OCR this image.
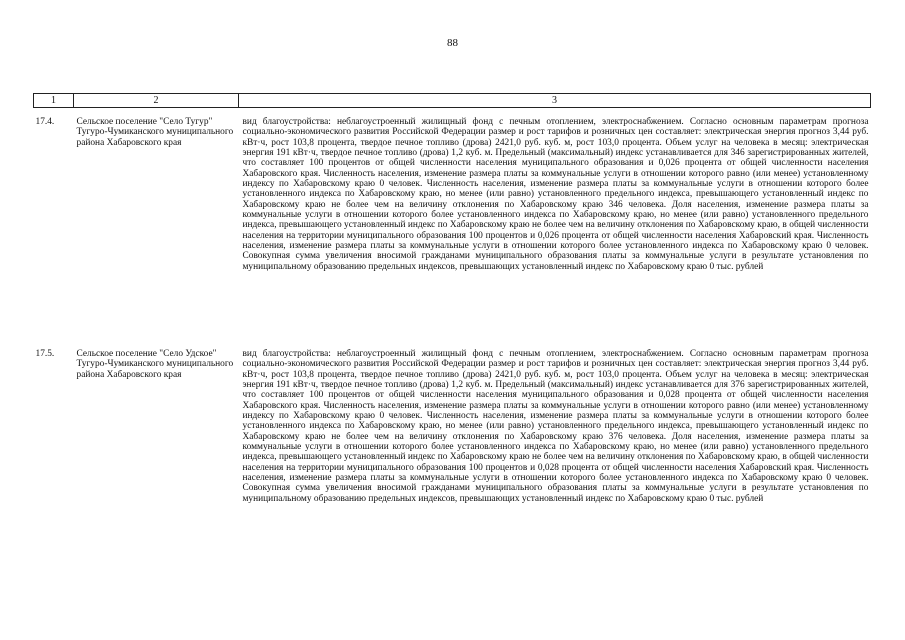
88
1	2	3
17.4.	Сельское поселение "Село Тугур" Тугуро-Чумиканского муниципального района Хабаровского края	вид благоустройства: неблагоустроенный жилищный фонд с печным отоплением, электроснабжением. Согласно основным параметрам прогноза социально-экономического развития Российской Федерации размер и рост тарифов и розничных цен составляет: электрическая энергия прогноз 3,44 руб. кВт·ч, рост 103,8 процента, твердое печное топливо (дрова) 2421,0 руб. куб. м, рост 103,0 процента. Объем услуг на человека в месяц: электрическая энергия 191 кВт·ч, твердое печное топливо (дрова) 1,2 куб. м. Предельный (максимальный) индекс устанавливается для 346 зарегистрированных жителей, что составляет 100 процентов от общей численности населения муниципального образования и 0,026 процента от общей численности населения Хабаровского края. Численность населения, изменение размера платы за коммунальные услуги в отношении которого равно (или менее) установленному индексу по Хабаровскому краю 0 человек. Численность населения, изменение размера платы за коммунальные услуги в отношении которого более установленного индекса по Хабаровскому краю, но менее (или равно) установленного предельного индекса, превышающего установленный индекс по Хабаровскому краю не более чем на величину отклонения по Хабаровскому краю 346 человека. Доля населения, изменение размера платы за коммунальные услуги в отношении которого более установленного индекса по Хабаровскому краю, но менее (или равно) установленного предельного индекса, превышающего установленный индекс по Хабаровскому краю не более чем на величину отклонения по Хабаровскому краю, в общей численности населения на территории муниципального образования 100 процентов и 0,026 процента от общей численности населения Хабаровский края. Численность населения, изменение размера платы за коммунальные услуги в отношении которого более установленного индекса по Хабаровскому краю 0 человек. Совокупная сумма увеличения вносимой гражданами муниципального образования платы за коммунальные услуги в результате установления по муниципальному образованию предельных индексов, превышающих установленный индекс по Хабаровскому краю 0 тыс. рублей
17.5.	Сельское поселение "Село Удское" Тугуро-Чумиканского муниципального района Хабаровского края	вид благоустройства: неблагоустроенный жилищный фонд с печным отоплением, электроснабжением. Согласно основным параметрам прогноза социально-экономического развития Российской Федерации размер и рост тарифов и розничных цен составляет: электрическая энергия прогноз 3,44 руб. кВт·ч, рост 103,8 процента, твердое печное топливо (дрова) 2421,0 руб. куб. м, рост 103,0 процента. Объем услуг на человека в месяц: электрическая энергия 191 кВт·ч, твердое печное топливо (дрова) 1,2 куб. м. Предельный (максимальный) индекс устанавливается для 376 зарегистрированных жителей, что составляет 100 процентов от общей численности населения муниципального образования и 0,028 процента от общей численности населения Хабаровского края. Численность населения, изменение размера платы за коммунальные услуги в отношении которого равно (или менее) установленному индексу по Хабаровскому краю 0 человек. Численность населения, изменение размера платы за коммунальные услуги в отношении которого более установленного индекса по Хабаровскому краю, но менее (или равно) установленного предельного индекса, превышающего установленный индекс по Хабаровскому краю не более чем на величину отклонения по Хабаровскому краю 376 человека. Доля населения, изменение размера платы за коммунальные услуги в отношении которого более установленного индекса по Хабаровскому краю, но менее (или равно) установленного предельного индекса, превышающего установленный индекс по Хабаровскому краю не более чем на величину отклонения по Хабаровскому краю, в общей численности населения на территории муниципального образования 100 процентов и 0,028 процента от общей численности населения Хабаровский края. Численность населения, изменение размера платы за коммунальные услуги в отношении которого более установленного индекса по Хабаровскому краю 0 человек. Совокупная сумма увеличения вносимой гражданами муниципального образования платы за коммунальные услуги в результате установления по муниципальному образованию предельных индексов, превышающих установленный индекс по Хабаровскому краю 0 тыс. рублей
